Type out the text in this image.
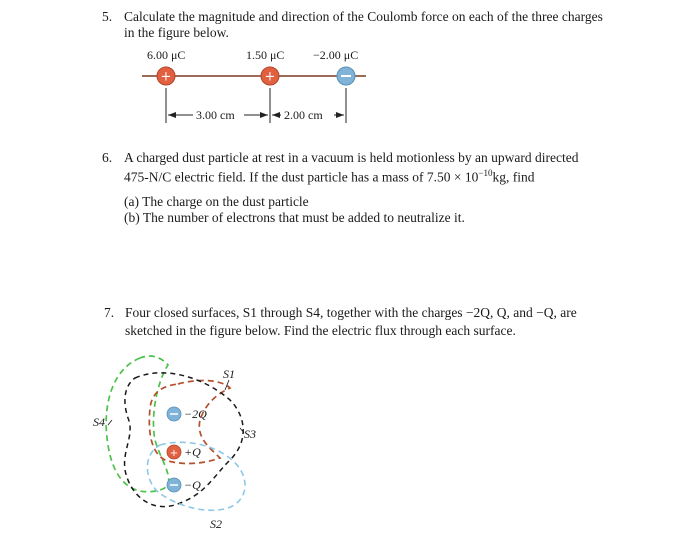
5. Calculate the magnitude and direction of the Coulomb force on each of the three charges
in the figure below.
6.00 μC	1.50 μC −2.00 μC
+	+
3.00 cm	2.00 cm
6. A charged dust particle at rest in a vacuum is held motionless by an upward directed
475-N/C electric field. If the dust particle has a mass of $7.50 \times 10^{-10}kg$, find
(a) The charge on the dust particle
(b) The number of electrons that must be added to neutralize it.
7. Four closed surfaces, S1 through S4, together with the charges −2Q, Q, and −Q, are
sketched in the figure below. Find the electric flux through each surface.
+
S1
S3
S4
S2
−2Q
+Q
−Q
